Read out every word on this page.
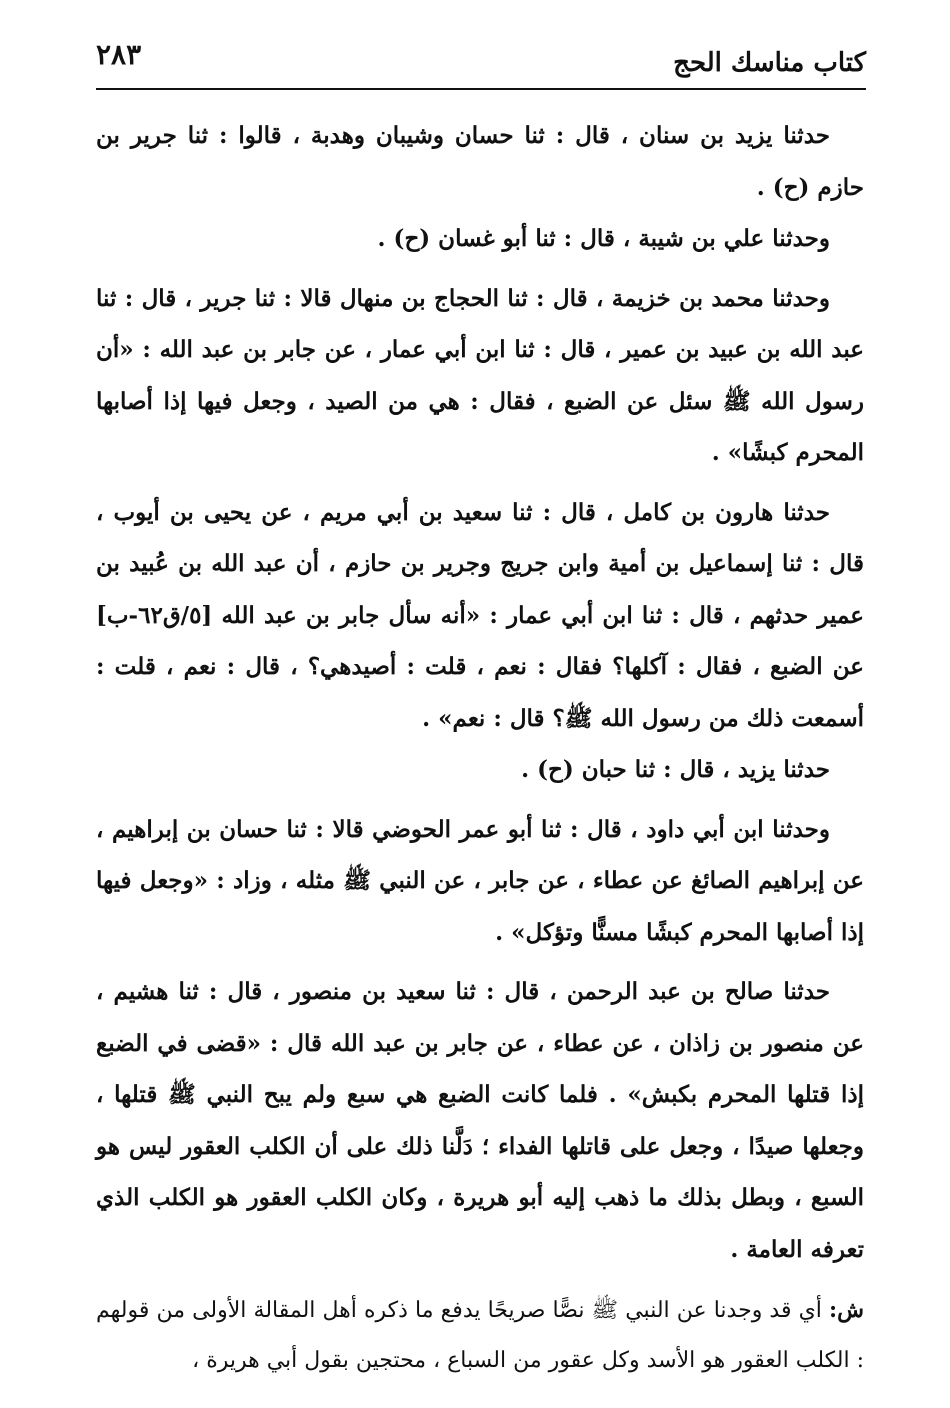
٢٨٣	كتاب مناسك الحج

حدثنا يزيد بن سنان ، قال : ثنا حسان وشيبان وهدبة ، قالوا : ثنا جرير بن حازم (ح) .

وحدثنا علي بن شيبة ، قال : ثنا أبو غسان (ح) .

وحدثنا محمد بن خزيمة ، قال : ثنا الحجاج بن منهال قالا : ثنا جرير ، قال : ثنا عبد الله بن عبيد بن عمير ، قال : ثنا ابن أبي عمار ، عن جابر بن عبد الله : «أن رسول الله ﷺ سئل عن الضبع ، فقال : هي من الصيد ، وجعل فيها إذا أصابها المحرم كبشًا» .

حدثنا هارون بن كامل ، قال : ثنا سعيد بن أبي مريم ، عن يحيى بن أيوب ، قال : ثنا إسماعيل بن أمية وابن جريج وجرير بن حازم ، أن عبد الله بن عُبيد بن عمير حدثهم ، قال : ثنا ابن أبي عمار : «أنه سأل جابر بن عبد الله [٥/ق٦٢-ب] عن الضبع ، فقال : آكلها؟ فقال : نعم ، قلت : أصيدهي؟ ، قال : نعم ، قلت : أسمعت ذلك من رسول الله ﷺ؟ قال : نعم» .

حدثنا يزيد ، قال : ثنا حبان (ح) .

وحدثنا ابن أبي داود ، قال : ثنا أبو عمر الحوضي قالا : ثنا حسان بن إبراهيم ، عن إبراهيم الصائغ عن عطاء ، عن جابر ، عن النبي ﷺ مثله ، وزاد : «وجعل فيها إذا أصابها المحرم كبشًا مسنًّا وتؤكل» .

حدثنا صالح بن عبد الرحمن ، قال : ثنا سعيد بن منصور ، قال : ثنا هشيم ، عن منصور بن زاذان ، عن عطاء ، عن جابر بن عبد الله قال : «قضى في الضبع إذا قتلها المحرم بكبش» . فلما كانت الضبع هي سبع ولم يبح النبي ﷺ قتلها ، وجعلها صيدًا ، وجعل على قاتلها الفداء ؛ دَلَّنا ذلك على أن الكلب العقور ليس هو السبع ، وبطل بذلك ما ذهب إليه أبو هريرة ، وكان الكلب العقور هو الكلب الذي تعرفه العامة .

ش: أي قد وجدنا عن النبي ﷺ نصًّا صريحًا يدفع ما ذكره أهل المقالة الأولى من قولهم : الكلب العقور هو الأسد وكل عقور من السباع ، محتجين بقول أبي هريرة ،
